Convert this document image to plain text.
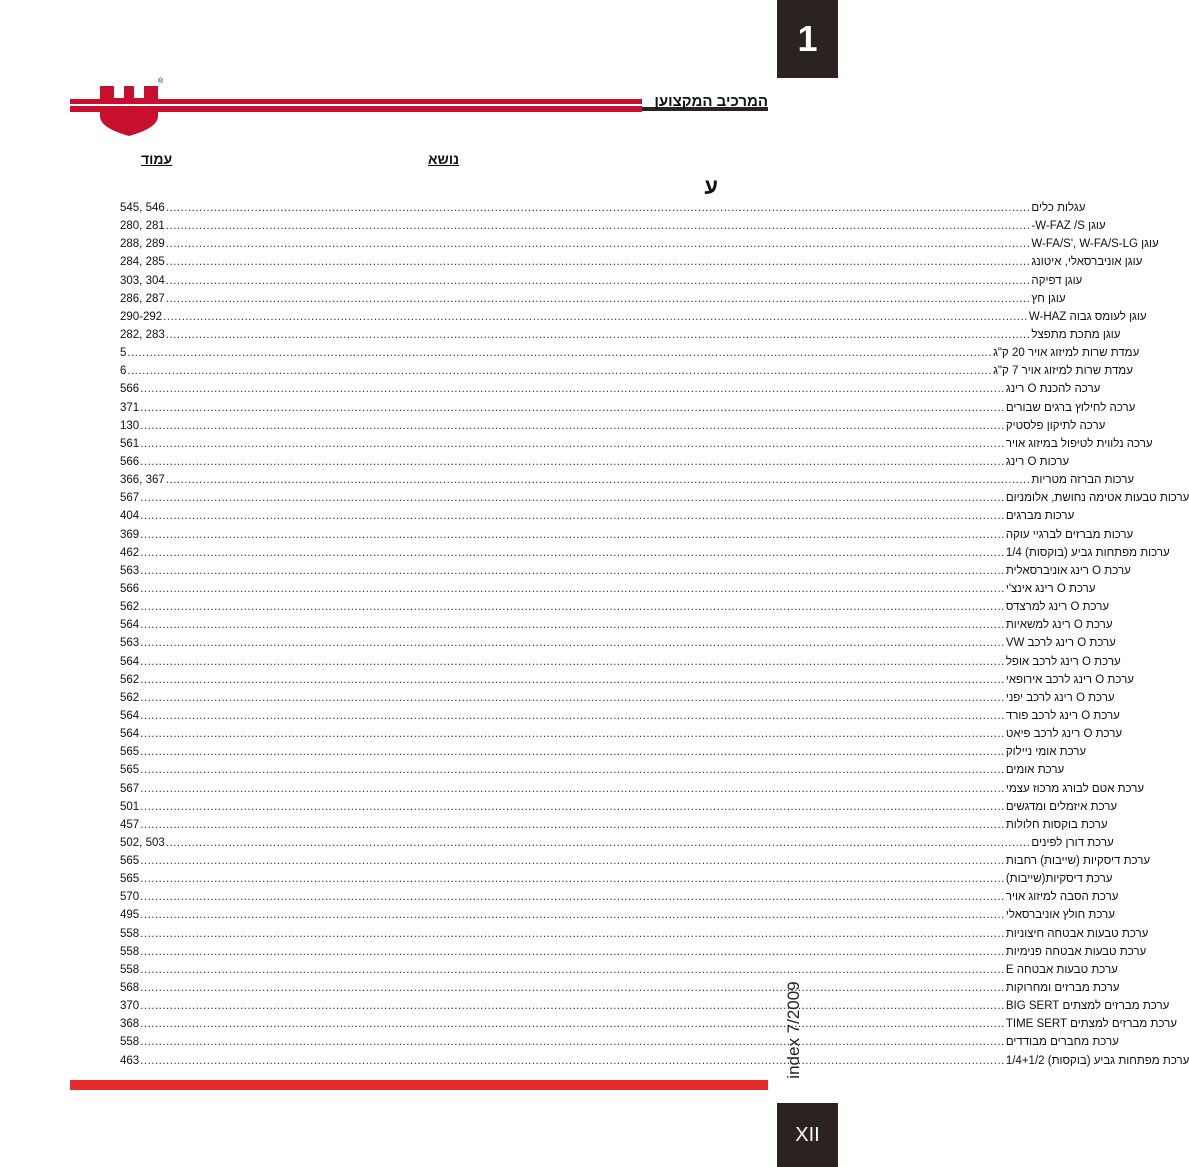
1
®
המרכיב המקצוען
נושא
עמוד
ע
545, 546 .....	עגלות כלים
280, 281 .....	עוגן W-FAZ /S-
288, 289 .....	עוגן W-FA/S', W-FA/S-LG
284, 285 .....	עוגן אוניברסאלי, איטונג
303, 304 .....	עוגן דפיקה
286, 287 .....	עוגן חץ
290-292 .....	עוגן לעומס גבוה W-HAZ
282, 283 .....	עוגן מתכת מתפצל
5 .....	עמדת שרות למיזוג אויר 20 ק"ג
6 .....	עמדת שרות למיזוג אויר 7 ק"ג
566 .....	ערכה להכנת O רינג
371 .....	ערכה לחילוץ ברגים שבורים
130 .....	ערכה לתיקון פלסטיק
561 .....	ערכה נלווית לטיפול במיזוג אויר
566 .....	ערכות O רינג
366, 367 .....	ערכות הברזה מטריות
567 .....	ערכות טבעות אטימה נחושת, אלומניום
404 .....	ערכות מברגים
369 .....	ערכות מברזים לברגיי עוקה
462 .....	ערכות מפתחות גביע (בוקסות) 1/4
563 .....	ערכת O רינג אוניברסאלית
566 .....	ערכת O רינג אינצ'י
562 .....	ערכת O רינג למרצדס
564 .....	ערכת O רינג למשאיות
563 .....	ערכת O רינג לרכב VW
564 .....	ערכת O רינג לרכב אופל
562 .....	ערכת O רינג לרכב אירופאי
562 .....	ערכת O רינג לרכב יפני
564 .....	ערכת O רינג לרכב פורד
564 .....	ערכת O רינג לרכב פיאט
565 .....	ערכת אומי ניילוק
565 .....	ערכת אומים
567 .....	ערכת אטם לבורג מרכוז עצמי
501 .....	ערכת איזמלים ומדגשים
457 .....	ערכת בוקסות חלולות
502, 503 .....	ערכת דורן לפינים
565 .....	ערכת דיסקיות (שייבות) רחבות
565 .....	ערכת דיסקיות(שייבות)
570 .....	ערכת הסבה למיזוג אויר
495 .....	ערכת חולץ אוניברסאלי
558 .....	ערכת טבעות אבטחה חיצוניות
558 .....	ערכת טבעות אבטחה פנימיות
558 .....	ערכת טבעות אבטחה E
568 .....	ערכת מברזים ומחרוקות
370 .....	ערכת מברזים למצתים BIG SERT
368 .....	ערכת מברזים למצתים TIME SERT
558 .....	ערכת מחברים מבודדים
463 .....	ערכת מפתחות גביע (בוקסות) 1/4+1/2
index 7/2009
XII
